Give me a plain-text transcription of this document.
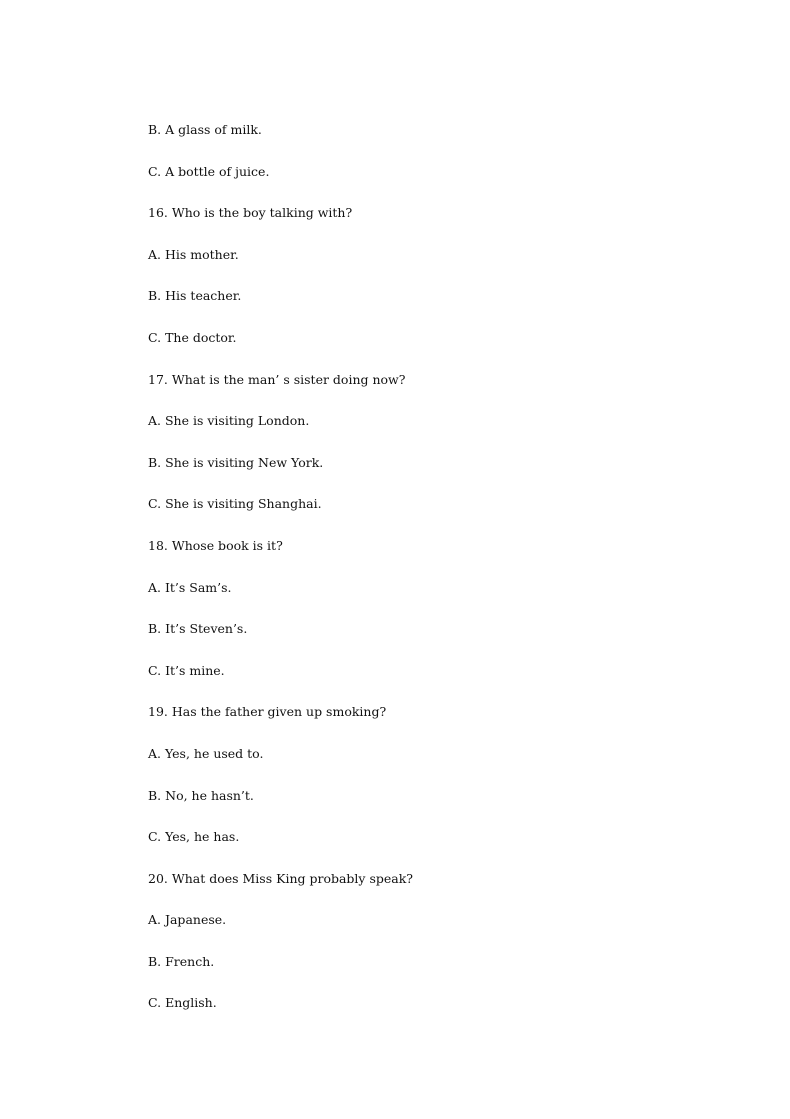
B. A glass of milk.
C. A bottle of juice.
16. Who is the boy talking with?
A. His mother.
B. His teacher.
C. The doctor.
17. What is the man’ s sister doing now?
A. She is visiting London.
B. She is visiting New York.
C. She is visiting Shanghai.
18. Whose book is it?
A. It’s Sam’s.
B. It’s Steven’s.
C. It’s mine.
19. Has the father given up smoking?
A. Yes, he used to.
B. No, he hasn’t.
C. Yes, he has.
20. What does Miss King probably speak?
A. Japanese.
B. French.
C. English.
